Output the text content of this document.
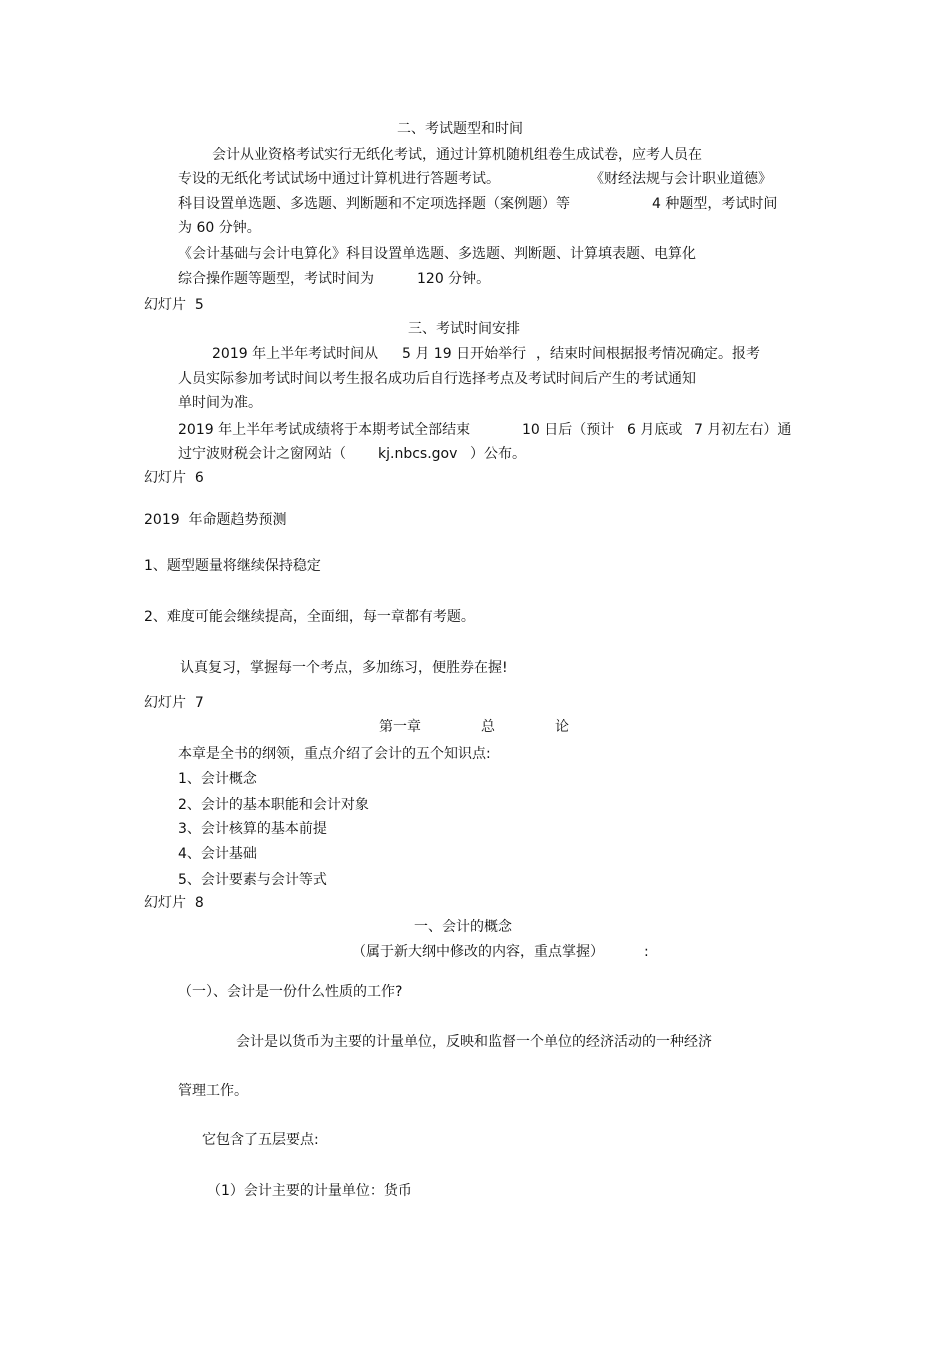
二、考试题型和时间
会计从业资格考试实行无纸化考试，通过计算机随机组卷生成试卷，应考人员在
专设的无纸化考试试场中通过计算机进行答题考试。	《财经法规与会计职业道德》
科目设置单选题、多选题、判断题和不定项选择题（案例题）等	4 种题型，考试时间
为 60 分钟。
《会计基础与会计电算化》科目设置单选题、多选题、判断题、计算填表题、电算化
综合操作题等题型，考试时间为	120 分钟。
幻灯片  5
三、考试时间安排
2019 年上半年考试时间从 5 月 19 日开始举行 ，结束时间根据报考情况确定。报考
人员实际参加考试时间以考生报名成功后自行选择考点及考试时间后产生的考试通知
单时间为准。
2019 年上半年考试成绩将于本期考试全部结束	10 日后（预计 6 月底或 7 月初左右）通
过宁波财税会计之窗网站（ kj.nbcs.gov ）公布。
幻灯片  6
2019  年命题趋势预测
1、题型题量将继续保持稳定
2、难度可能会继续提高，全面细，每一章都有考题。
认真复习，掌握每一个考点，多加练习，便胜券在握!
幻灯片  7
第一章	总	论
本章是全书的纲领，重点介绍了会计的五个知识点:
1、会计概念
2、会计的基本职能和会计对象
3、会计核算的基本前提
4、会计基础
5、会计要素与会计等式
幻灯片  8
一、会计的概念
（属于新大纲中修改的内容，重点掌握）	:
（一）、会计是一份什么性质的工作?
会计是以货币为主要的计量单位，反映和监督一个单位的经济活动的一种经济
管理工作。
它包含了五层要点:
（1）会计主要的计量单位：货币
